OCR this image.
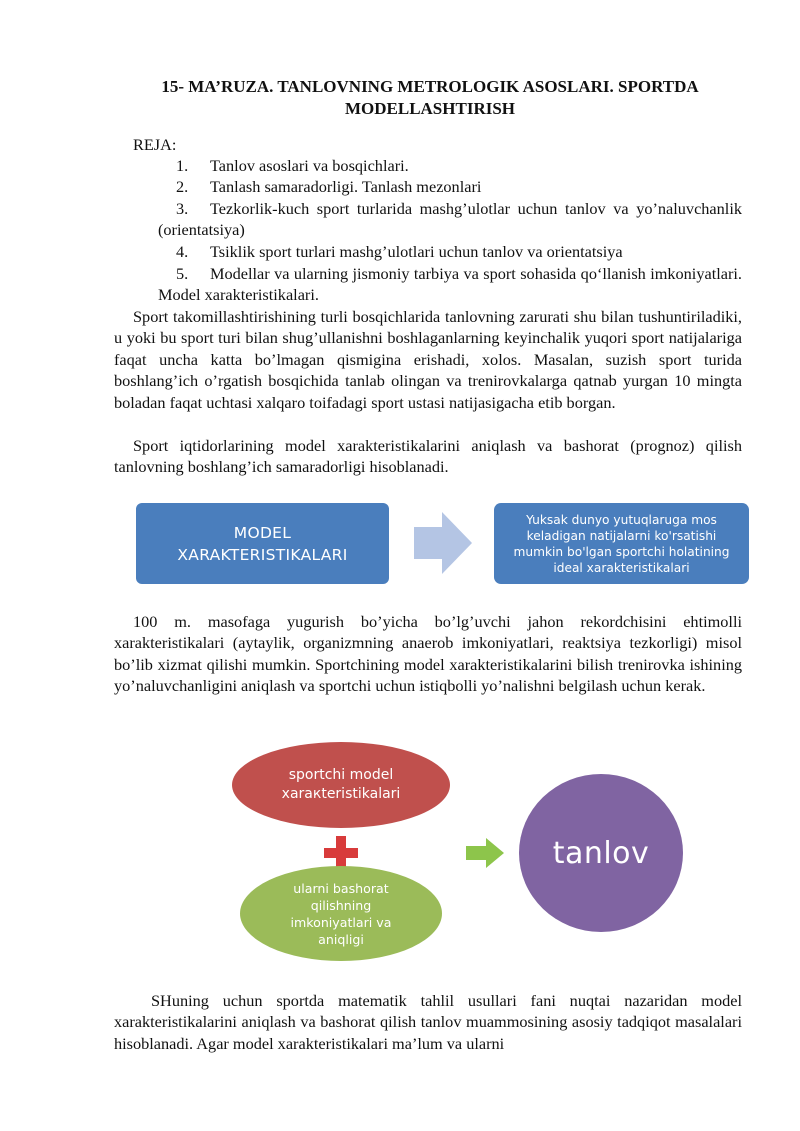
15- MA’RUZA. TANLOVNING METROLOGIK ASOSLARI. SPORTDA
MODELLASHTIRISH
REJA:
1. Tanlov asoslari va bosqichlari.
2. Tanlash samaradorligi. Tanlash mezonlari
3. Tezkorlik-kuch sport turlarida mashg’ulotlar uchun tanlov va yo’naluvchanlik (orientatsiya)
4. Tsiklik sport turlari mashg’ulotlari uchun tanlov va orientatsiya
5. Modellar va ularning jismoniy tarbiya va sport sohasida qo‘llanish imkoniyatlari. Model xarakteristikalari.
Sport takomillashtirishining turli bosqichlarida tanlovning zarurati shu bilan tushuntiriladiki, u yoki bu sport turi bilan shug’ullanishni boshlaganlarning keyinchalik yuqori sport natijalariga faqat uncha katta bo’lmagan qismigina erishadi, xolos. Masalan, suzish sport turida boshlang’ich o’rgatish bosqichida tanlab olingan va trenirovkalarga qatnab yurgan 10 mingta boladan faqat uchtasi xalqaro toifadagi sport ustasi natijasigacha etib borgan.
Sport iqtidorlarining model xarakteristikalarini aniqlash va bashorat (prognoz) qilish tanlovning boshlang’ich samaradorligi hisoblanadi.
MODEL
XARAKTERISTIKALARI
Yuksak dunyo yutuqlaruga mos
keladigan natijalarni ko'rsatishi
mumkin bo'lgan sportchi holatining
ideal xarakteristikalari
100 m. masofaga yugurish bo’yicha bo’lg’uvchi jahon rekordchisini ehtimolli xarakteristikalari (aytaylik, organizmning anaerob imkoniyatlari, reaktsiya tezkorligi) misol bo’lib xizmat qilishi mumkin. Sportchining model xarakteristikalarini bilish trenirovka ishining yo’naluvchanligini aniqlash va sportchi uchun istiqbolli yo’nalishni belgilash uchun kerak.
sportchi model
xarакteristikalari
ularni bashorat
qilishning
imkoniyatlari va
aniqligi
tanlov
SHuning uchun sportda matematik tahlil usullari fani nuqtai nazaridan model xarakteristikalarini aniqlash va bashorat qilish tanlov muammosining asosiy tadqiqot masalalari hisoblanadi. Agar model xarakteristikalari ma’lum va ularni
